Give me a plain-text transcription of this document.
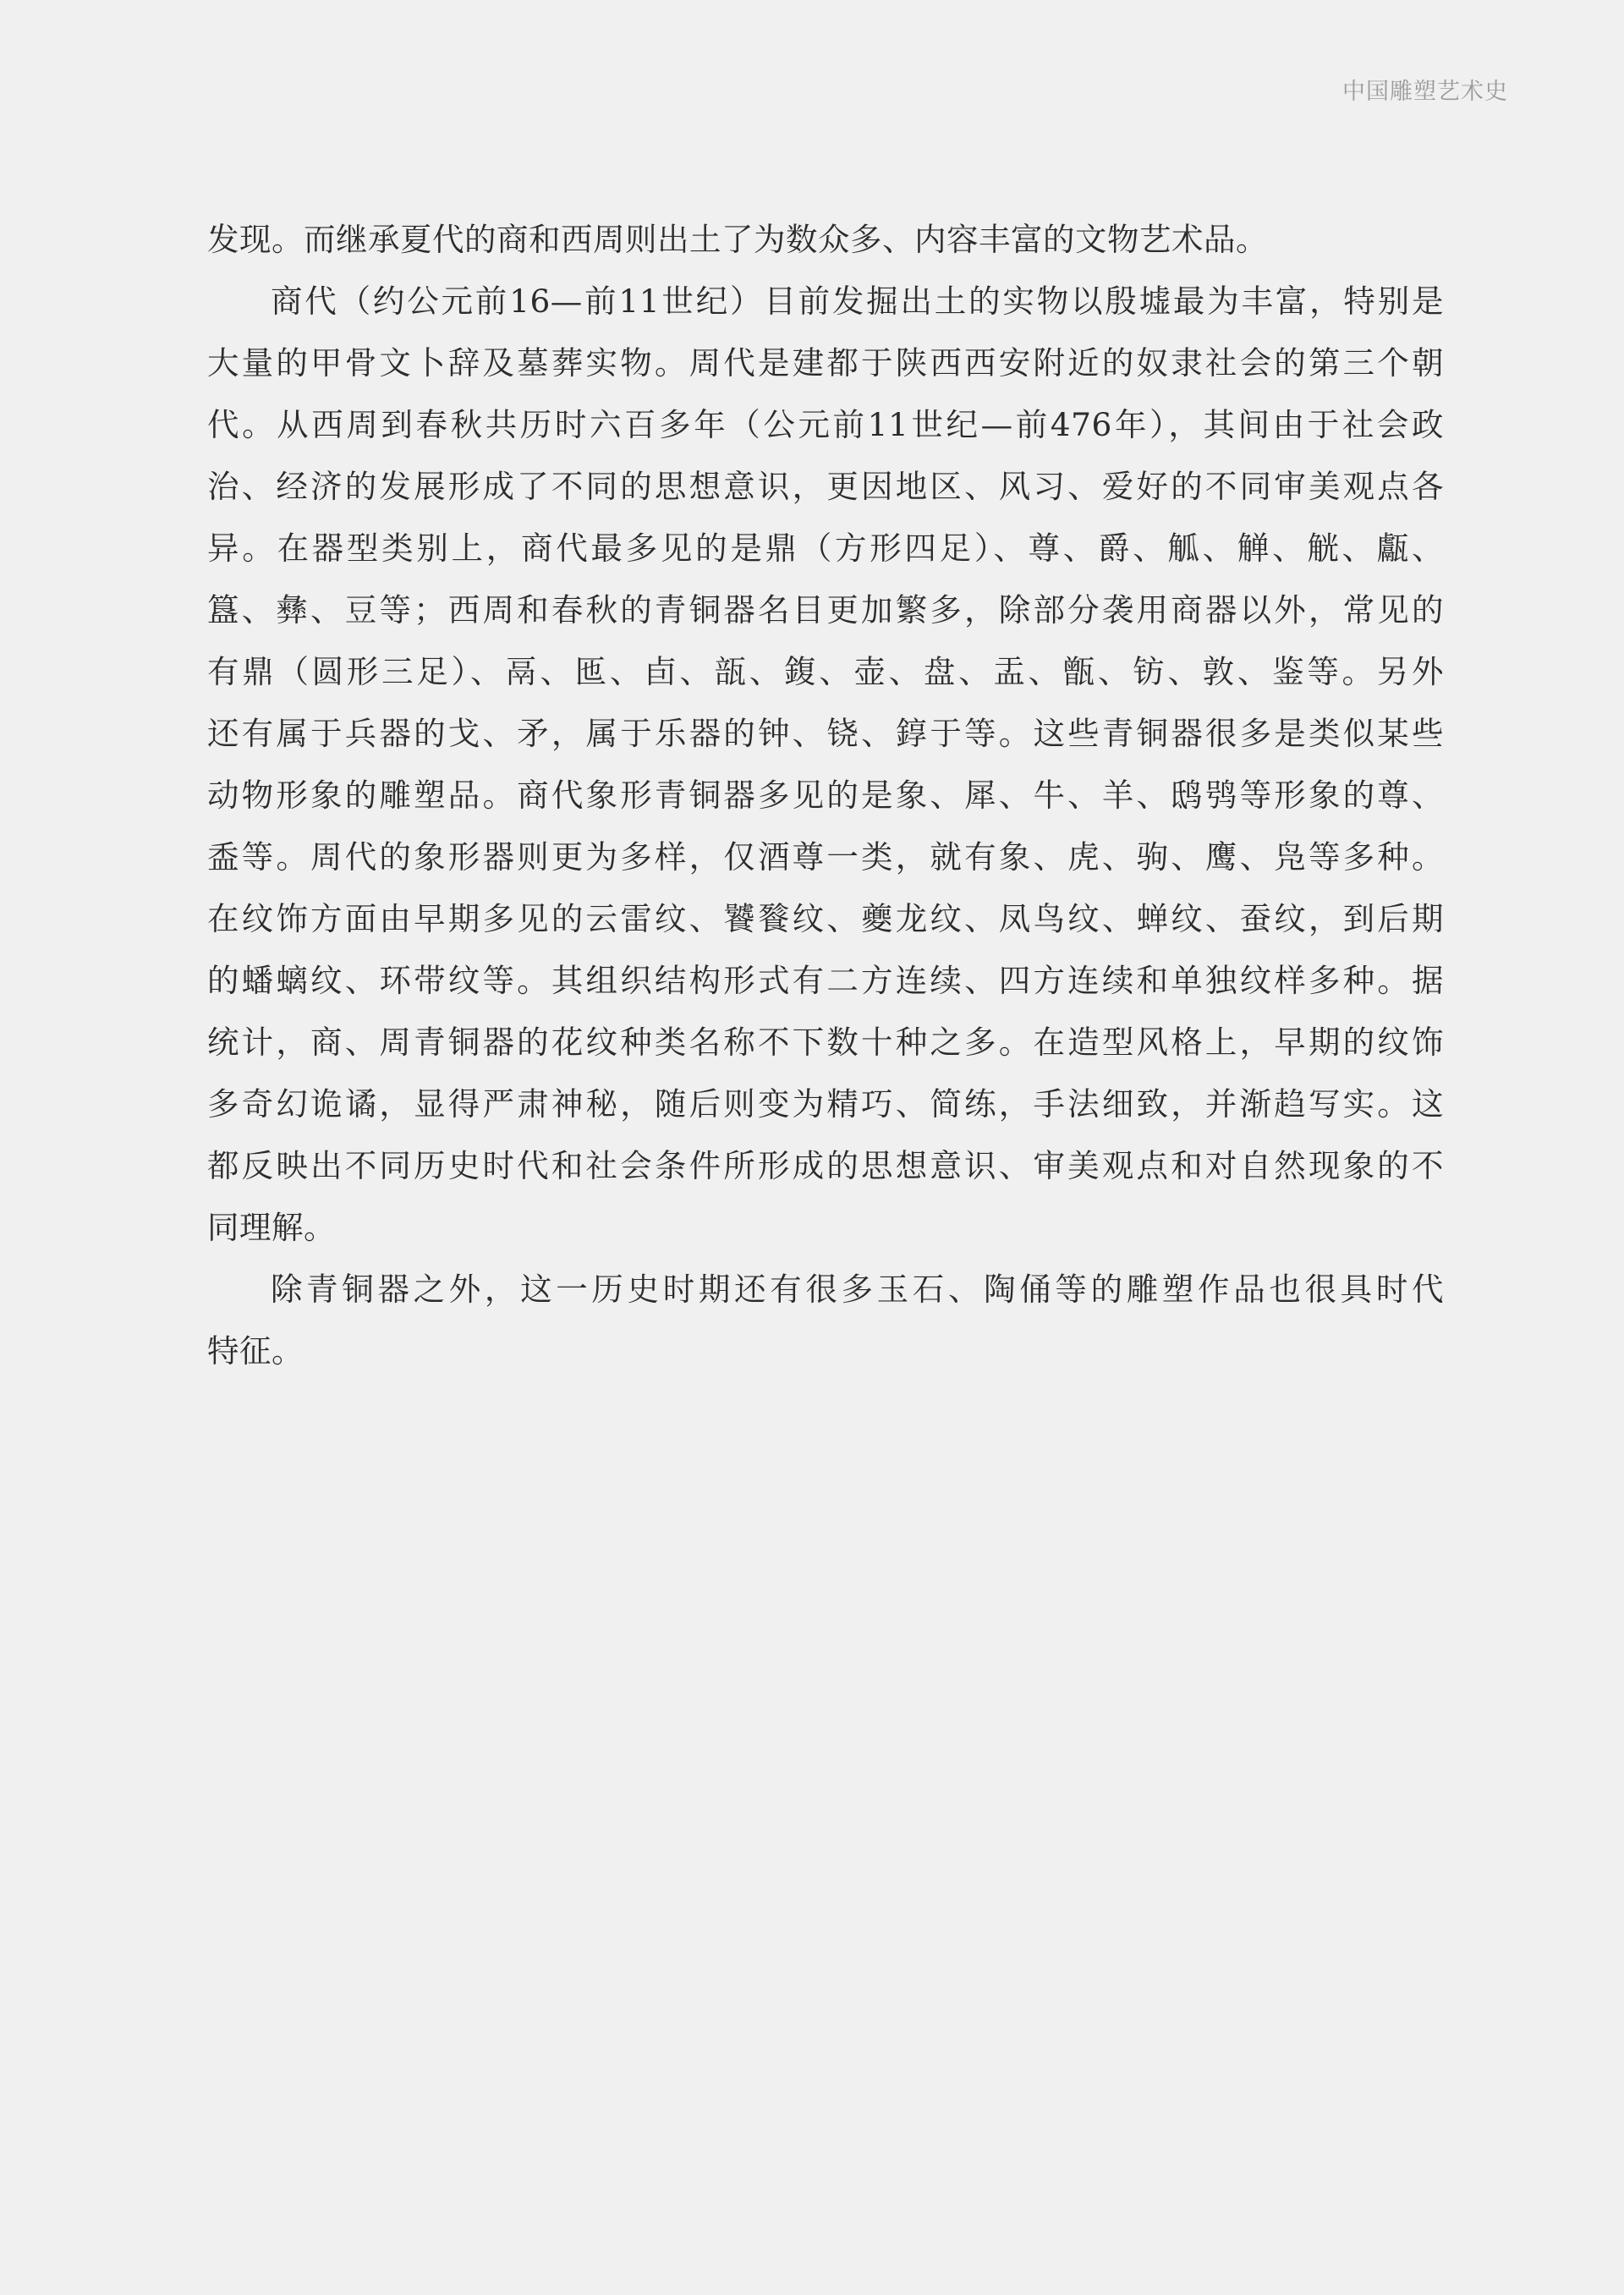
中国雕塑艺术史
发现。而继承夏代的商和西周则出土了为数众多、内容丰富的文物艺术品。
商代（约公元前16—前11世纪）目前发掘出土的实物以殷墟最为丰富，特别是
大量的甲骨文卜辞及墓葬实物。周代是建都于陕西西安附近的奴隶社会的第三个朝
代。从西周到春秋共历时六百多年（公元前11世纪—前476年），其间由于社会政
治、经济的发展形成了不同的思想意识，更因地区、风习、爱好的不同审美观点各
异。在器型类别上，商代最多见的是鼎（方形四足）、尊、爵、觚、觯、觥、甗、
簋、彝、豆等；西周和春秋的青铜器名目更加繁多，除部分袭用商器以外，常见的
有鼎（圆形三足）、鬲、匜、卣、瓿、鍑、壶、盘、盂、甑、钫、敦、鉴等。另外
还有属于兵器的戈、矛，属于乐器的钟、铙、錞于等。这些青铜器很多是类似某些
动物形象的雕塑品。商代象形青铜器多见的是象、犀、牛、羊、鸱鸮等形象的尊、
盉等。周代的象形器则更为多样，仅酒尊一类，就有象、虎、驹、鹰、凫等多种。
在纹饰方面由早期多见的云雷纹、饕餮纹、夔龙纹、凤鸟纹、蝉纹、蚕纹，到后期
的蟠螭纹、环带纹等。其组织结构形式有二方连续、四方连续和单独纹样多种。据
统计，商、周青铜器的花纹种类名称不下数十种之多。在造型风格上，早期的纹饰
多奇幻诡谲，显得严肃神秘，随后则变为精巧、简练，手法细致，并渐趋写实。这
都反映出不同历史时代和社会条件所形成的思想意识、审美观点和对自然现象的不
同理解。
除青铜器之外，这一历史时期还有很多玉石、陶俑等的雕塑作品也很具时代
特征。
